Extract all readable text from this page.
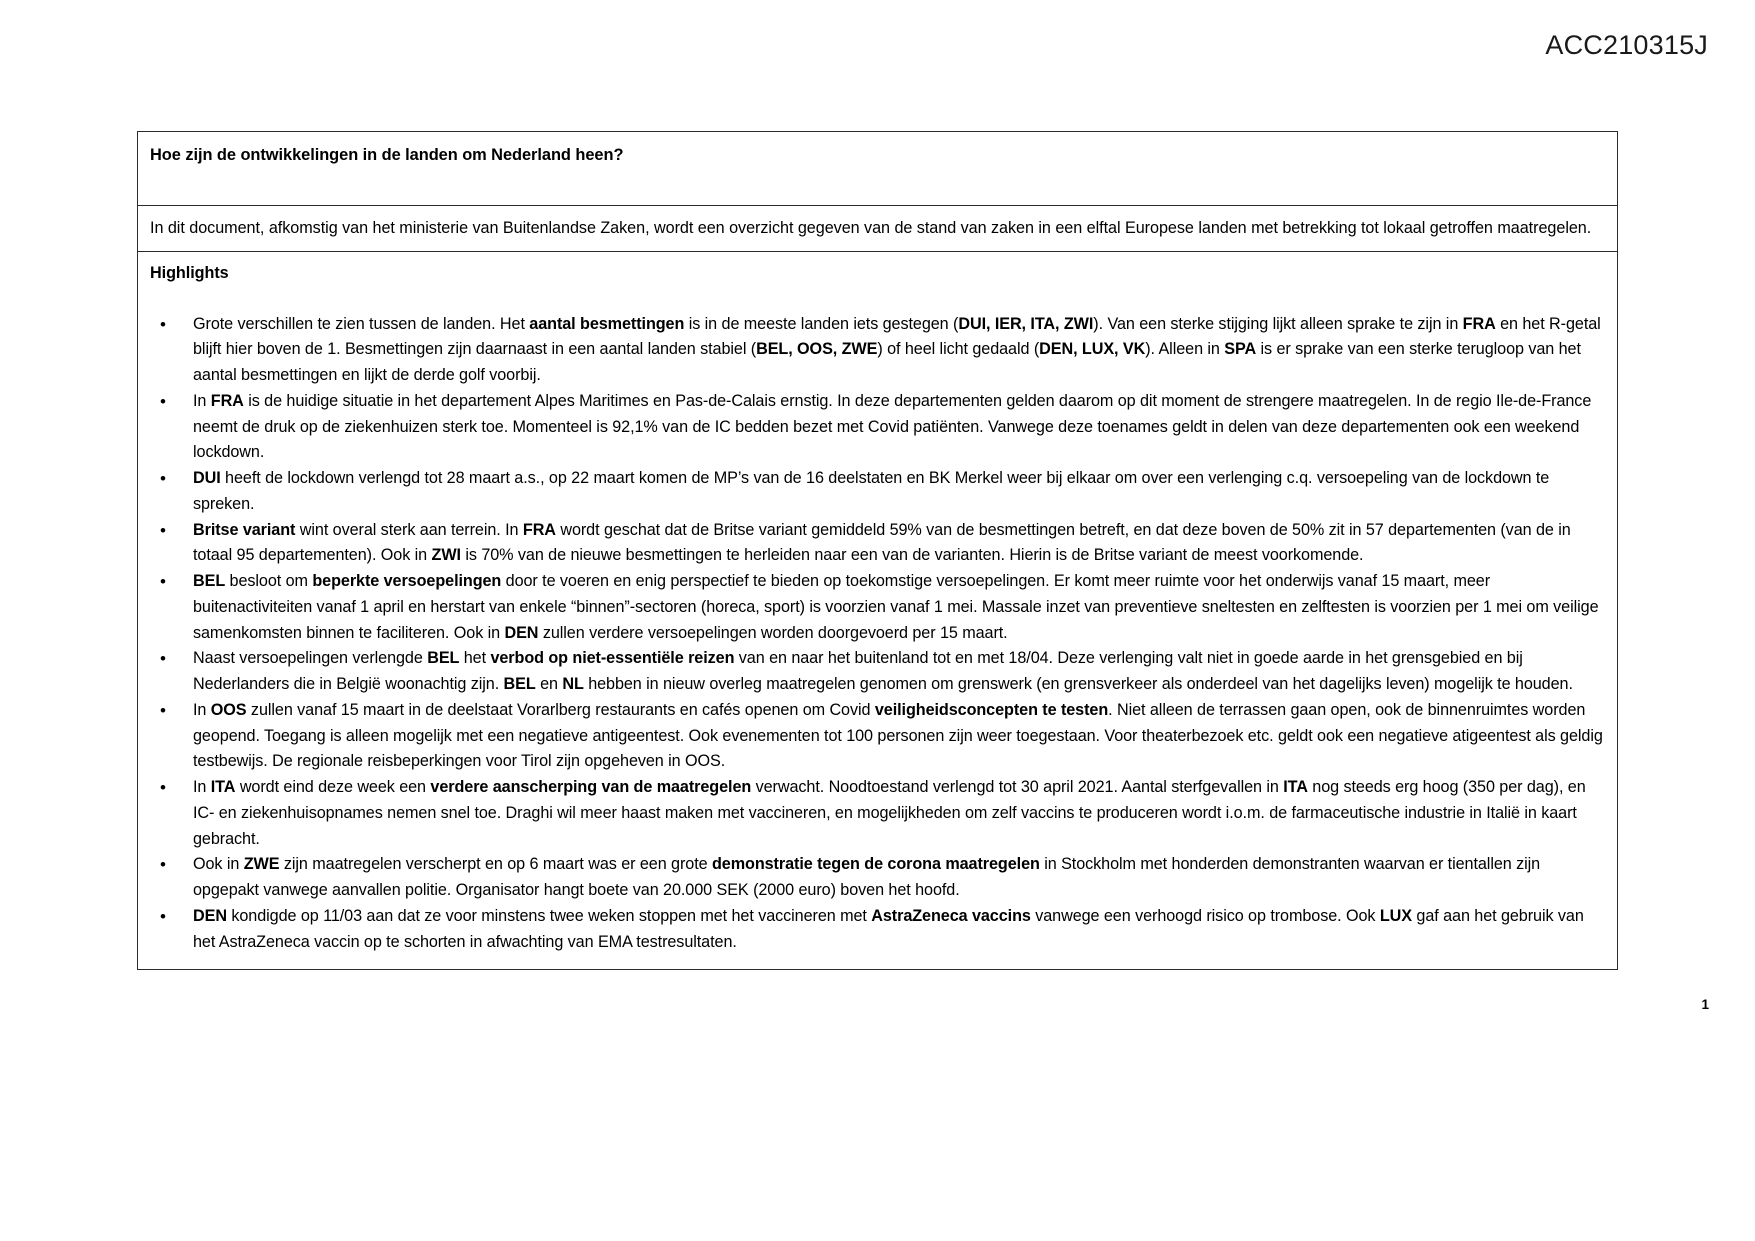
ACC210315J
Hoe zijn de ontwikkelingen in de landen om Nederland heen?
In dit document, afkomstig van het ministerie van Buitenlandse Zaken, wordt een overzicht gegeven van de stand van zaken in een elftal Europese landen met betrekking tot lokaal getroffen maatregelen.
Highlights
• Grote verschillen te zien tussen de landen. Het aantal besmettingen is in de meeste landen iets gestegen (DUI, IER, ITA, ZWI). Van een sterke stijging lijkt alleen sprake te zijn in FRA en het R-getal blijft hier boven de 1. Besmettingen zijn daarnaast in een aantal landen stabiel (BEL, OOS, ZWE) of heel licht gedaald (DEN, LUX, VK). Alleen in SPA is er sprake van een sterke terugloop van het aantal besmettingen en lijkt de derde golf voorbij.
• In FRA is de huidige situatie in het departement Alpes Maritimes en Pas-de-Calais ernstig. In deze departementen gelden daarom op dit moment de strengere maatregelen. In de regio Ile-de-France neemt de druk op de ziekenhuizen sterk toe. Momenteel is 92,1% van de IC bedden bezet met Covid patiënten. Vanwege deze toenames geldt in delen van deze departementen ook een weekend lockdown.
• DUI heeft de lockdown verlengd tot 28 maart a.s., op 22 maart komen de MP’s van de 16 deelstaten en BK Merkel weer bij elkaar om over een verlenging c.q. versoepeling van de lockdown te spreken.
• Britse variant wint overal sterk aan terrein. In FRA wordt geschat dat de Britse variant gemiddeld 59% van de besmettingen betreft, en dat deze boven de 50% zit in 57 departementen (van de in totaal 95 departementen). Ook in ZWI is 70% van de nieuwe besmettingen te herleiden naar een van de varianten. Hierin is de Britse variant de meest voorkomende.
• BEL besloot om beperkte versoepelingen door te voeren en enig perspectief te bieden op toekomstige versoepelingen. Er komt meer ruimte voor het onderwijs vanaf 15 maart, meer buitenactiviteiten vanaf 1 april en herstart van enkele “binnen”-sectoren (horeca, sport) is voorzien vanaf 1 mei. Massale inzet van preventieve sneltesten en zelftesten is voorzien per 1 mei om veilige samenkomsten binnen te faciliteren. Ook in DEN zullen verdere versoepelingen worden doorgevoerd per 15 maart.
• Naast versoepelingen verlengde BEL het verbod op niet-essentiële reizen van en naar het buitenland tot en met 18/04. Deze verlenging valt niet in goede aarde in het grensgebied en bij Nederlanders die in België woonachtig zijn. BEL en NL hebben in nieuw overleg maatregelen genomen om grenswerk (en grensverkeer als onderdeel van het dagelijks leven) mogelijk te houden.
• In OOS zullen vanaf 15 maart in de deelstaat Vorarlberg restaurants en cafés openen om Covid veiligheidsconcepten te testen. Niet alleen de terrassen gaan open, ook de binnenruimtes worden geopend. Toegang is alleen mogelijk met een negatieve antigeentest. Ook evenementen tot 100 personen zijn weer toegestaan. Voor theaterbezoek etc. geldt ook een negatieve atigeentest als geldig testbewijs. De regionale reisbeperkingen voor Tirol zijn opgeheven in OOS.
• In ITA wordt eind deze week een verdere aanscherping van de maatregelen verwacht. Noodtoestand verlengd tot 30 april 2021. Aantal sterfgevallen in ITA nog steeds erg hoog (350 per dag), en IC- en ziekenhuisopnames nemen snel toe. Draghi wil meer haast maken met vaccineren, en mogelijkheden om zelf vaccins te produceren wordt i.o.m. de farmaceutische industrie in Italië in kaart gebracht.
• Ook in ZWE zijn maatregelen verscherpt en op 6 maart was er een grote demonstratie tegen de corona maatregelen in Stockholm met honderden demonstranten waarvan er tientallen zijn opgepakt vanwege aanvallen politie. Organisator hangt boete van 20.000 SEK (2000 euro) boven het hoofd.
• DEN kondigde op 11/03 aan dat ze voor minstens twee weken stoppen met het vaccineren met AstraZeneca vaccins vanwege een verhoogd risico op trombose. Ook LUX gaf aan het gebruik van het AstraZeneca vaccin op te schorten in afwachting van EMA testresultaten.
1
